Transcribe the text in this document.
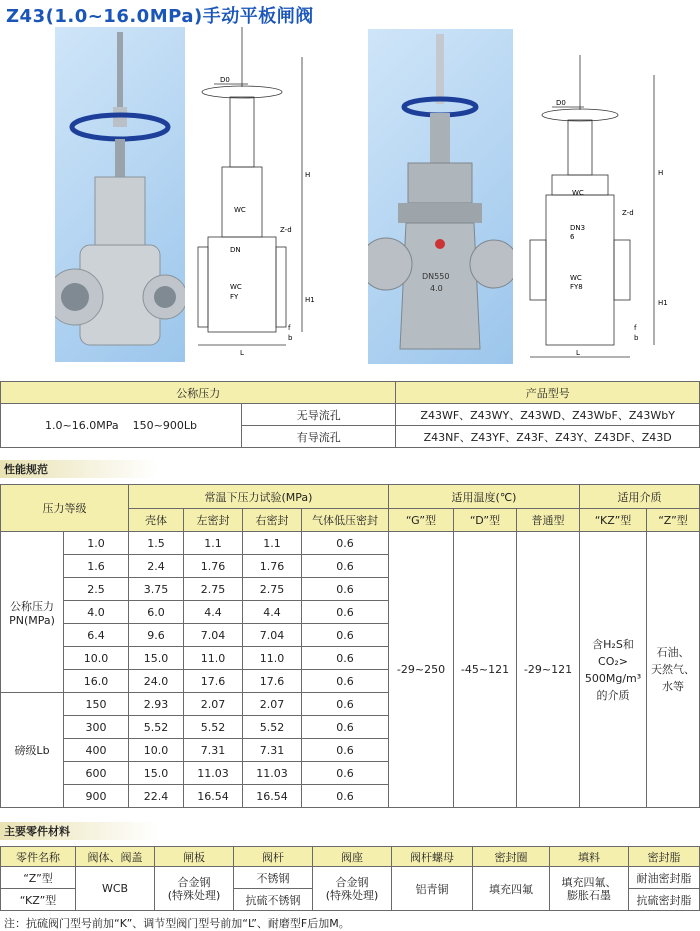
Z43(1.0~16.0MPa)手动平板闸阀
D0
WC
Z-d
DN
WC
FY
H
H1
L
f
b
DN550
4.0
D0
WC
Z-d
DN3 6
WC FY8
H
H1
L
f
b
公称压力		产品型号
1.0~16.0MPa 150~900Lb	无导流孔	Z43WF、Z43WY、Z43WD、Z43WbF、Z43WbY
	有导流孔	Z43NF、Z43YF、Z43F、Z43Y、Z43DF、Z43D
性能规范
压力等级		常温下压力试验(MPa)				适用温度(℃)			适用介质	
		壳体	左密封	右密封	气体低压密封	“G”型	“D”型	普通型	“KZ”型	“Z”型
公称压力
PN(MPa)	1.0	1.5	1.1	1.1	0.6	-29~250	-45~121	-29~121	含H₂S和
CO₂>
500Mg/m³
的介质	石油、
天然气、
水等
	1.6	2.4	1.76	1.76	0.6					
	2.5	3.75	2.75	2.75	0.6					
	4.0	6.0	4.4	4.4	0.6					
	6.4	9.6	7.04	7.04	0.6					
	10.0	15.0	11.0	11.0	0.6					
	16.0	24.0	17.6	17.6	0.6					
磅级Lb	150	2.93	2.07	2.07	0.6					
	300	5.52	5.52	5.52	0.6					
	400	10.0	7.31	7.31	0.6					
	600	15.0	11.03	11.03	0.6					
	900	22.4	16.54	16.54	0.6					
主要零件材料
零件名称	阀体、阀盖	闸板	阀杆	阀座	阀杆螺母	密封圈	填料	密封脂
“Z”型	WCB	合金钢
(特殊处理)	不锈钢	合金钢
(特殊处理)	铝青铜	填充四氟	填充四氟、
膨胀石墨	耐油密封脂
“KZ”型			抗硫不锈钢					抗硫密封脂
注：抗硫阀门型号前加“K”、调节型阀门型号前加“L”、耐磨型F后加M。
